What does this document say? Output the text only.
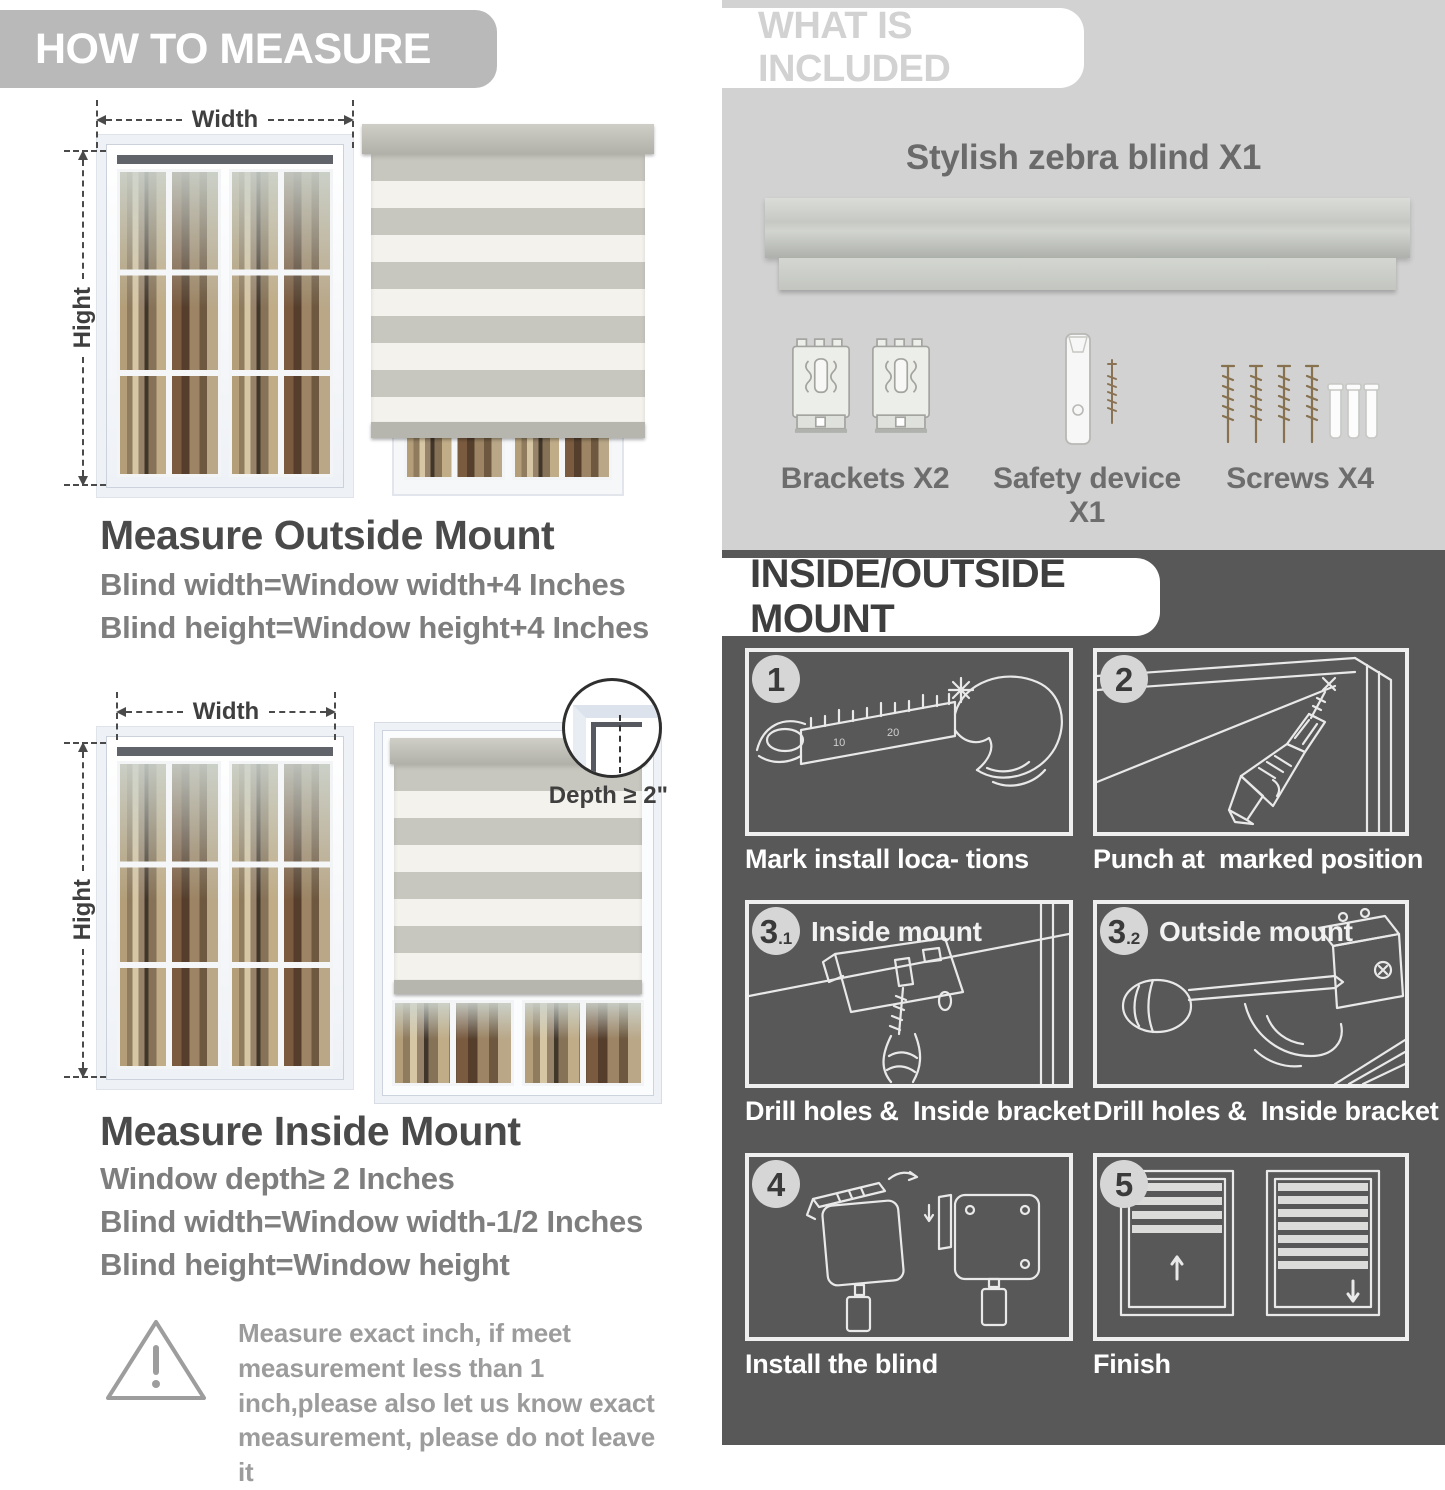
HOW TO MEASURE
Width
Hight
Measure Outside Mount
Blind width=Window width+4 Inches
Blind height=Window height+4 Inches
Width
Hight
Depth ≥ 2"
Measure Inside Mount
Window depth≥ 2 Inches
Blind width=Window width-1/2 Inches
Blind height=Window height

Measure exact inch, if meet measurement less than 1 inch,please also let us know exact measurement, please do not leave it

WHAT IS INCLUDED
Stylish zebra blind X1
Brackets X2	Safety device X1
Screws X4
INSIDE/OUTSIDE MOUNT
10
20
1
Mark install loca- tions
2
Punch at  marked position
3 .1 Inside mount
Drill holes &  Inside bracket
3 .2 Outside mount
Drill holes &  Inside bracket
4
Install the blind
5
Finish
